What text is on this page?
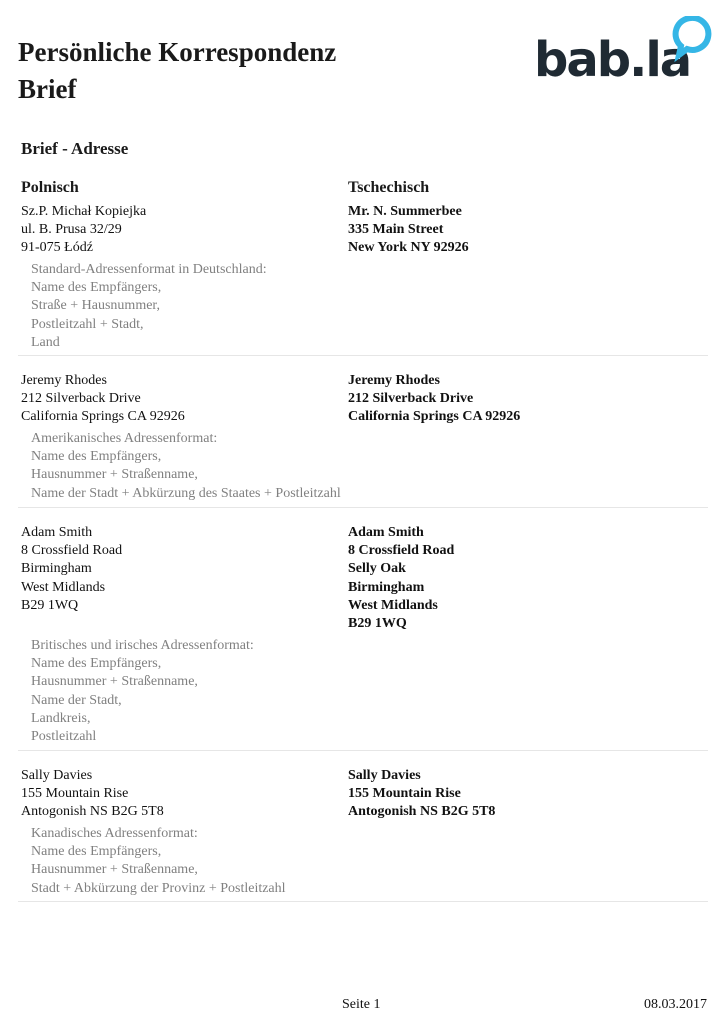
Persönliche Korrespondenz
Brief
bab.la
Brief - Adresse
Polnisch	Tschechisch
Sz.P. Michał Kopiejka
ul. B. Prusa 32/29
91-075 Łódź
Mr. N. Summerbee
335 Main Street
New York NY 92926
Standard-Adressenformat in Deutschland:
Name des Empfängers,
Straße + Hausnummer,
Postleitzahl + Stadt,
Land
Jeremy Rhodes
212 Silverback Drive
California Springs CA 92926
Jeremy Rhodes
212 Silverback Drive
California Springs CA 92926
Amerikanisches Adressenformat:
Name des Empfängers,
Hausnummer + Straßenname,
Name der Stadt + Abkürzung des Staates + Postleitzahl
Adam Smith
8 Crossfield Road
Birmingham
West Midlands
B29 1WQ
Adam Smith
8 Crossfield Road
Selly Oak
Birmingham
West Midlands
B29 1WQ
Britisches und irisches Adressenformat:
Name des Empfängers,
Hausnummer + Straßenname,
Name der Stadt,
Landkreis,
Postleitzahl
Sally Davies
155 Mountain Rise
Antogonish NS B2G 5T8
Sally Davies
155 Mountain Rise
Antogonish NS B2G 5T8
Kanadisches Adressenformat:
Name des Empfängers,
Hausnummer + Straßenname,
Stadt + Abkürzung der Provinz + Postleitzahl
Seite 1	08.03.2017
